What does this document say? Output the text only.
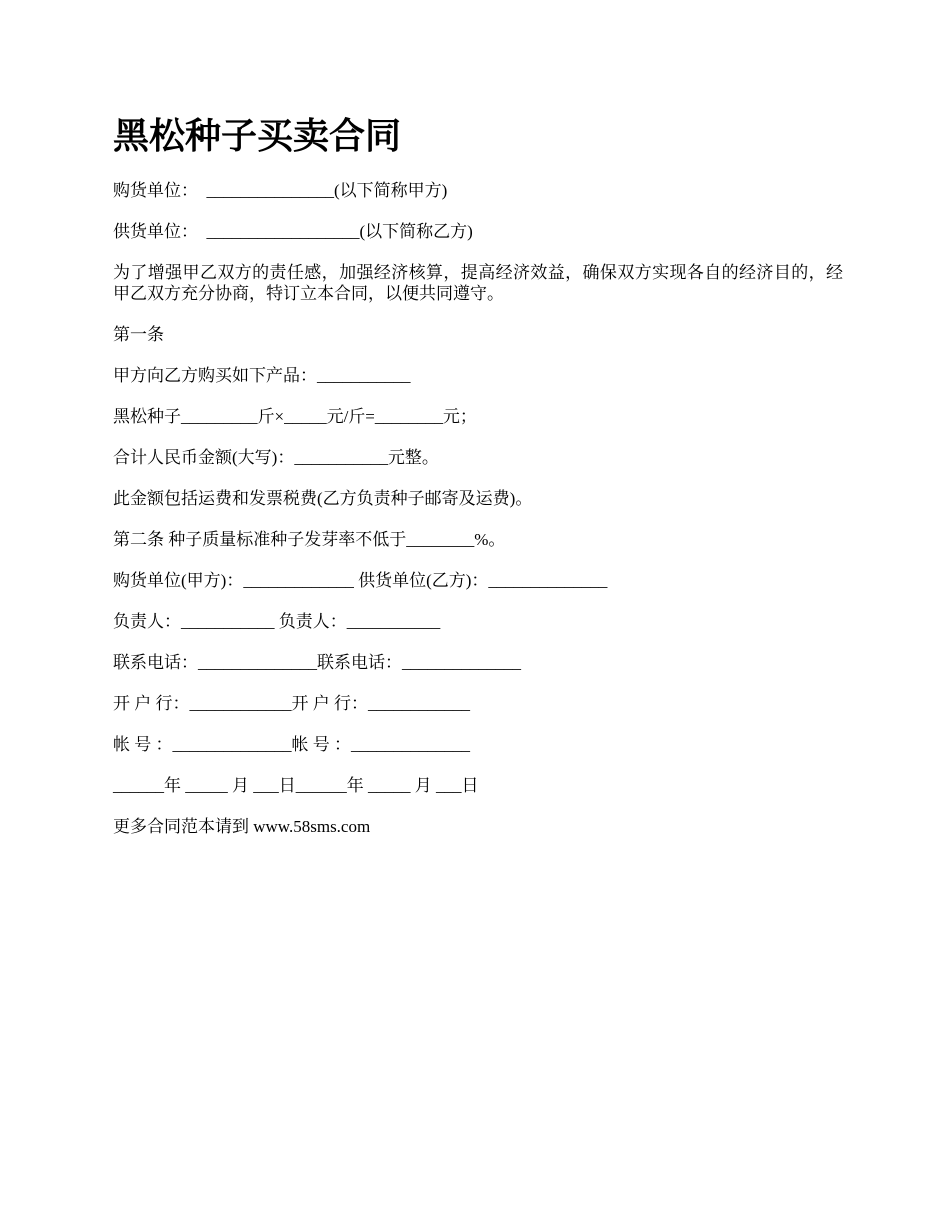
黑松种子买卖合同

购货单位：  _______________(以下简称甲方)

供货单位：  __________________(以下简称乙方)

为了增强甲乙双方的责任感，加强经济核算，提高经济效益，确保双方实现各自的经济目的，经甲乙双方充分协商，特订立本合同，以便共同遵守。

第一条

甲方向乙方购买如下产品：___________

黑松种子_________斤×_____元/斤=________元；

合计人民币金额(大写)：___________元整。

此金额包括运费和发票税费(乙方负责种子邮寄及运费)。

第二条 种子质量标准种子发芽率不低于________%。

购货单位(甲方)：_____________ 供货单位(乙方)：______________

负责人：___________ 负责人：___________

联系电话：______________联系电话：______________

开 户 行：____________开 户 行：____________

帐 号 ：______________帐 号 ：______________

______年 _____ 月 ___日______年 _____ 月 ___日

更多合同范本请到 www.58sms.com
